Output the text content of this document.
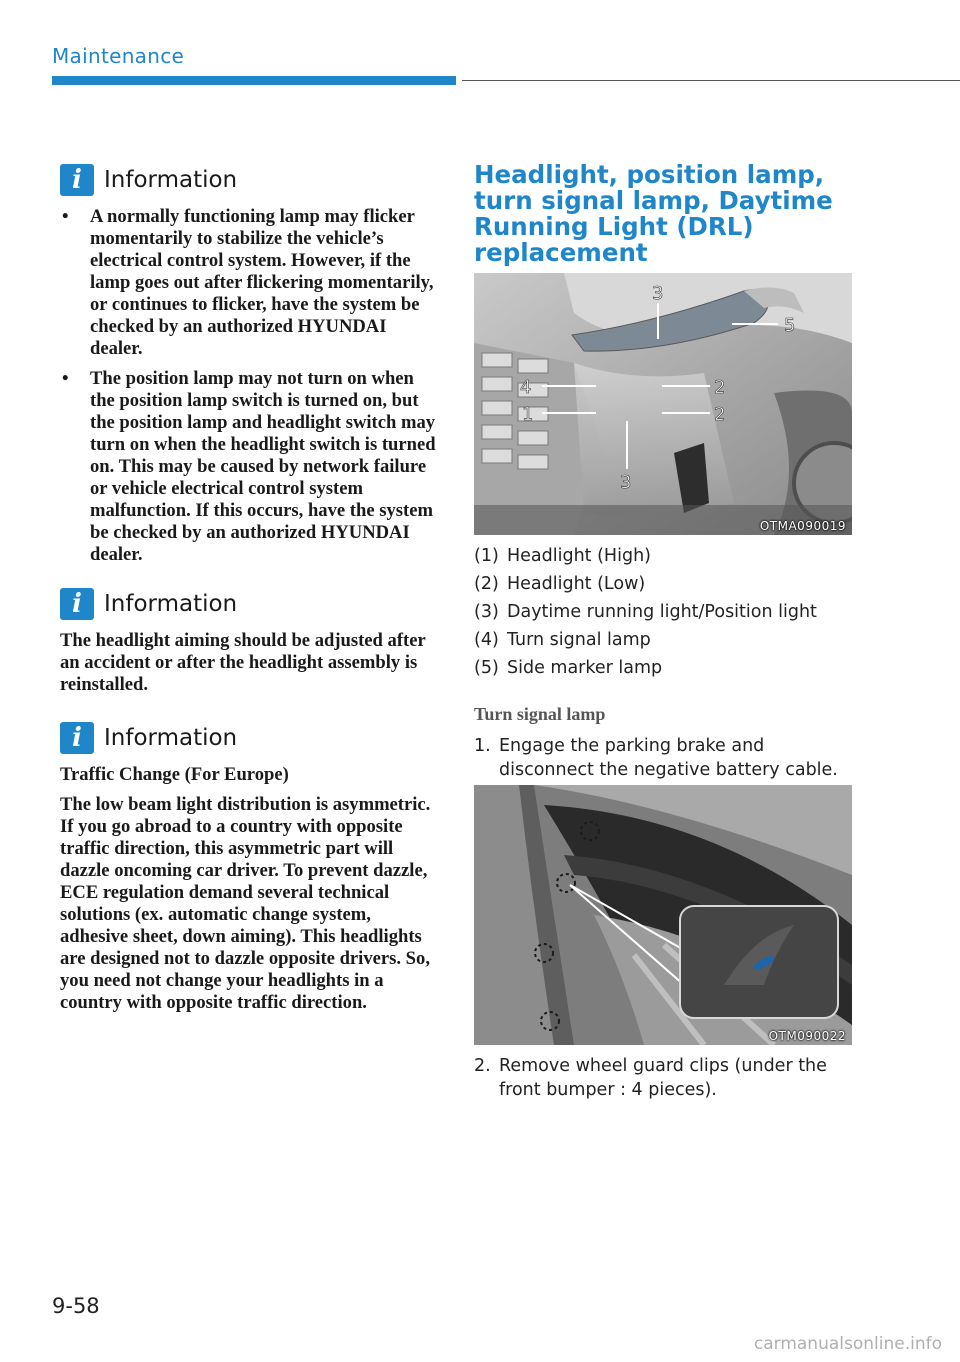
Maintenance
i Information
•	A normally functioning lamp may flicker momentarily to stabilize the vehicle’s electrical control system. However, if the lamp goes out after flickering momentarily, or continues to flicker, have the system be checked by an authorized HYUNDAI dealer.
•	The position lamp may not turn on when the position lamp switch is turned on, but the position lamp and headlight switch may turn on when the headlight switch is turned on. This may be caused by network failure or vehicle electrical control system malfunction. If this occurs, have the system be checked by an authorized HYUNDAI dealer.
i Information
The headlight aiming should be adjusted after an accident or after the headlight assembly is reinstalled.
i Information
Traffic Change (For Europe)
The low beam light distribution is asymmetric. If you go abroad to a country with opposite traffic direction, this asymmetric part will dazzle oncoming car driver. To prevent dazzle, ECE regulation demand several technical solutions (ex. automatic change system, adhesive sheet, down aiming). This headlights are designed not to dazzle opposite drivers. So, you need not change your headlights in a country with opposite traffic direction.
Headlight, position lamp, turn signal lamp, Daytime Running Light (DRL) replacement
3
5
4	2
1	2
3
OTMA090019
(1) Headlight (High)
(2) Headlight (Low)
(3) Daytime running light/Position light
(4) Turn signal lamp
(5) Side marker lamp
Turn signal lamp
1. Engage the parking brake and disconnect the negative battery cable.
OTM090022
2. Remove wheel guard clips (under the front bumper : 4 pieces).
9-58
carmanualsonline.info
